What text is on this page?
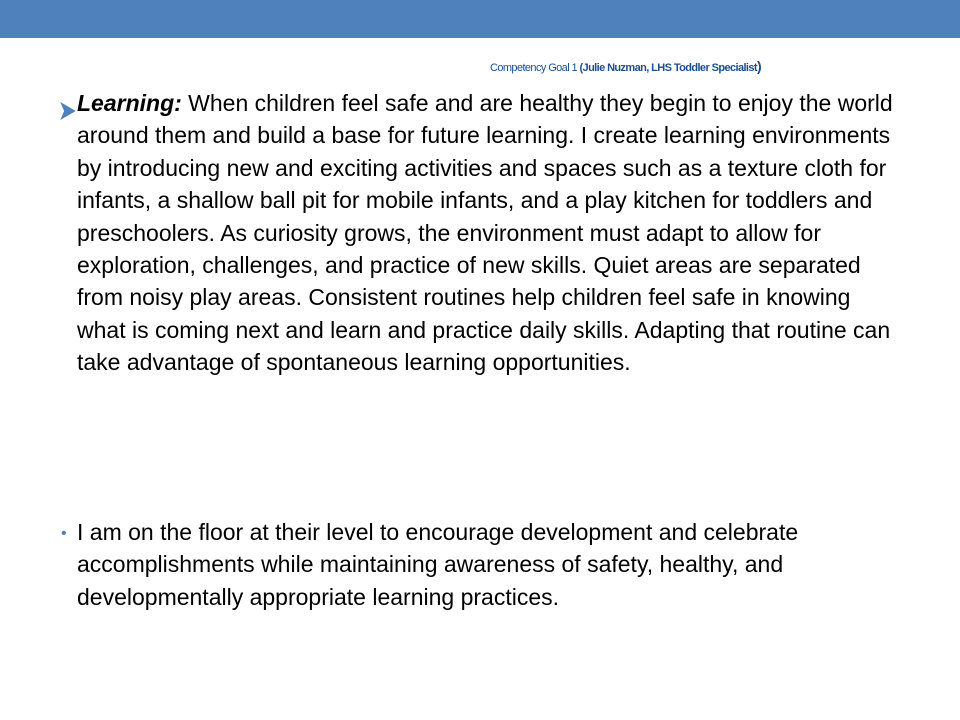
Competency Goal 1 (Julie Nuzman, LHS Toddler Specialist)
Learning: When children feel safe and are healthy they begin to enjoy the world around them and build a base for future learning. I create learning environments by introducing new and exciting activities and spaces such as a texture cloth for infants, a shallow ball pit for mobile infants, and a play kitchen for toddlers and preschoolers. As curiosity grows, the environment must adapt to allow for exploration, challenges, and practice of new skills. Quiet areas are separated from noisy play areas. Consistent routines help children feel safe in knowing what is coming next and learn and practice daily skills. Adapting that routine can take advantage of spontaneous learning opportunities.
• I am on the floor at their level to encourage development and celebrate accomplishments while maintaining awareness of safety, healthy, and developmentally appropriate learning practices.
